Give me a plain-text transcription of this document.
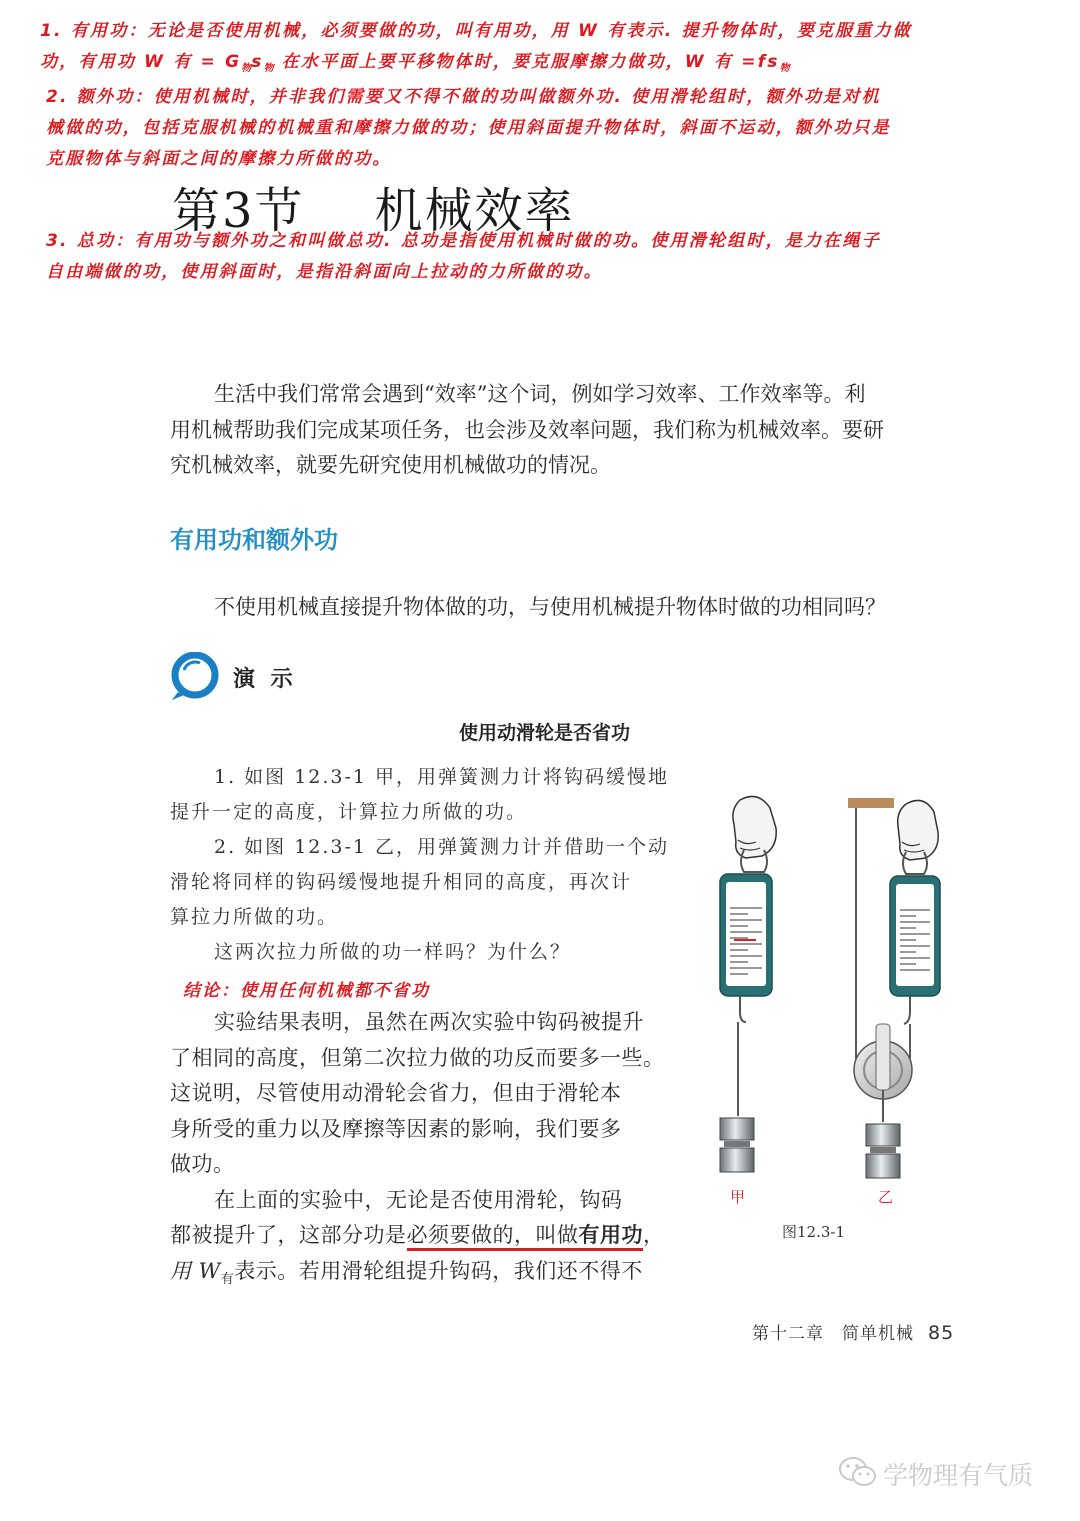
1. 有用功：无论是否使用机械，必须要做的功，叫有用功，用 W 有表示. 提升物体时，要克服重力做
功，有用功 W 有 = $G_物s_物$ 在水平面上要平移物体时，要克服摩擦力做功，W 有 $=fs_物$
2. 额外功：使用机械时，并非我们需要又不得不做的功叫做额外功. 使用滑轮组时，额外功是对机
械做的功，包括克服机械的机械重和摩擦力做的功；使用斜面提升物体时，斜面不运动，额外功只是
克服物体与斜面之间的摩擦力所做的功。
第3节 机械效率
3. 总功：有用功与额外功之和叫做总功. 总功是指使用机械时做的功。使用滑轮组时，是力在绳子
自由端做的功，使用斜面时，是指沿斜面向上拉动的力所做的功。
生活中我们常常会遇到“效率”这个词，例如学习效率、工作效率等。利
用机械帮助我们完成某项任务，也会涉及效率问题，我们称为机械效率。要研
究机械效率，就要先研究使用机械做功的情况。
有用功和额外功
不使用机械直接提升物体做的功，与使用机械提升物体时做的功相同吗？
演 示
使用动滑轮是否省功
1. 如图 12.3-1 甲，用弹簧测力计将钩码缓慢地
提升一定的高度，计算拉力所做的功。
2. 如图 12.3-1 乙，用弹簧测力计并借助一个动
滑轮将同样的钩码缓慢地提升相同的高度，再次计
算拉力所做的功。
这两次拉力所做的功一样吗？为什么？
结论：使用任何机械都不省功
实验结果表明，虽然在两次实验中钩码被提升
了相同的高度，但第二次拉力做的功反而要多一些。
这说明，尽管使用动滑轮会省力，但由于滑轮本
身所受的重力以及摩擦等因素的影响，我们要多
做功。
在上面的实验中，无论是否使用滑轮，钩码
都被提升了，这部分功是必须要做的，叫做有用功，
用 $W_有$表示。若用滑轮组提升钩码，我们还不得不
甲	乙
图12.3-1
第十二章　简单机械 85
学物理有气质
